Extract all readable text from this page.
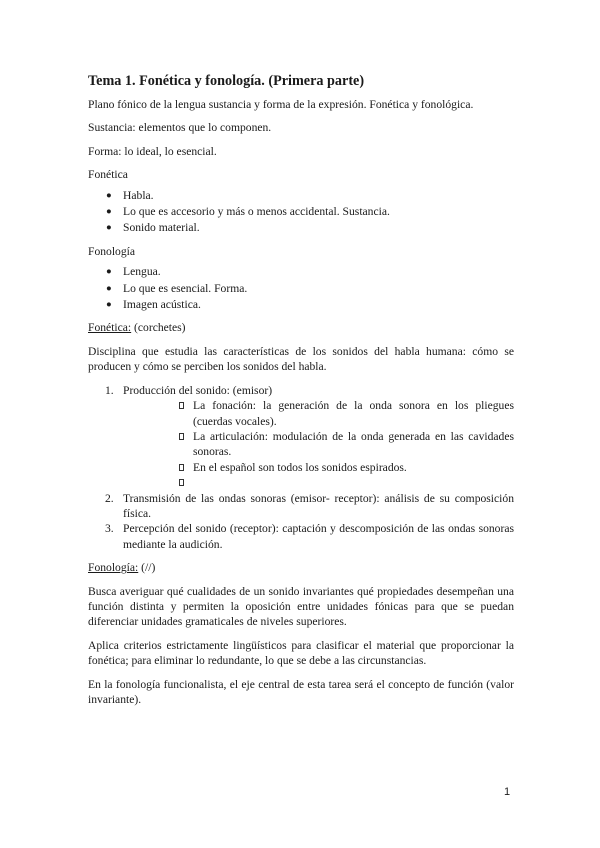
Tema 1. Fonética y fonología. (Primera parte)

Plano fónico de la lengua sustancia y forma de la expresión. Fonética y fonológica.

Sustancia: elementos que lo componen.

Forma: lo ideal, lo esencial.

Fonética

● Habla.
● Lo que es accesorio y más o menos accidental. Sustancia.
● Sonido material.

Fonología

● Lengua.
● Lo que es esencial. Forma.
● Imagen acústica.

Fonética: (corchetes)

Disciplina que estudia las características de los sonidos del habla humana: cómo se producen y cómo se perciben los sonidos del habla.

1. Producción del sonido: (emisor)
La fonación: la generación de la onda sonora en los pliegues (cuerdas vocales).
La articulación: modulación de la onda generada en las cavidades sonoras.
En el español son todos los sonidos espirados.
2. Transmisión de las ondas sonoras (emisor- receptor): análisis de su composición física.
3. Percepción del sonido (receptor): captación y descomposición de las ondas sonoras mediante la audición.

Fonología: (//)

Busca averiguar qué cualidades de un sonido invariantes qué propiedades desempeñan una función distinta y permiten la oposición entre unidades fónicas para que se puedan diferenciar unidades gramaticales de niveles superiores.

Aplica criterios estrictamente lingüísticos para clasificar el material que proporcionar la fonética; para eliminar lo redundante, lo que se debe a las circunstancias.

En la fonología funcionalista, el eje central de esta tarea será el concepto de función (valor invariante).

1
